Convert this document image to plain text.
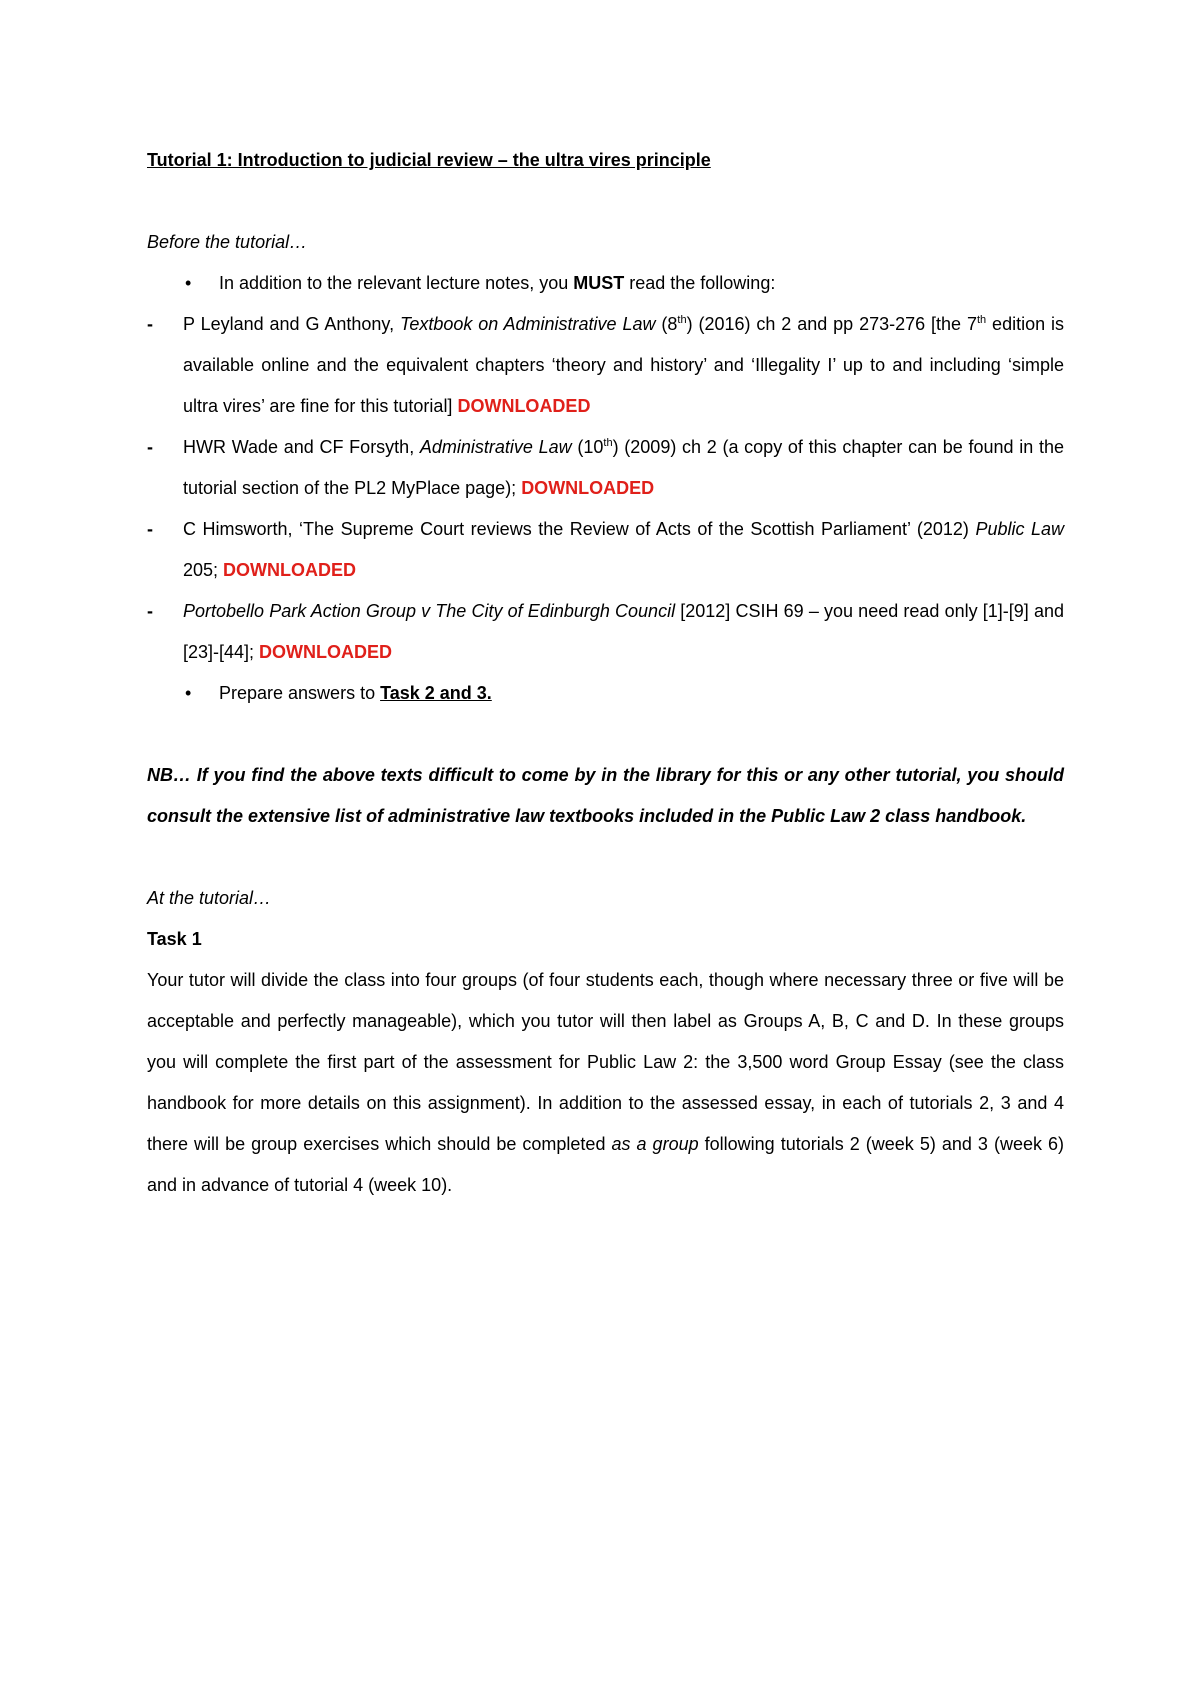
Tutorial 1: Introduction to judicial review – the ultra vires principle

Before the tutorial…

• In addition to the relevant lecture notes, you MUST read the following:
- P Leyland and G Anthony, Textbook on Administrative Law (8th) (2016) ch 2 and pp 273-276 [the 7th edition is available online and the equivalent chapters ‘theory and history’ and ‘Illegality I’ up to and including ‘simple ultra vires’ are fine for this tutorial] DOWNLOADED
- HWR Wade and CF Forsyth, Administrative Law (10th) (2009) ch 2 (a copy of this chapter can be found in the tutorial section of the PL2 MyPlace page); DOWNLOADED
- C Himsworth, ‘The Supreme Court reviews the Review of Acts of the Scottish Parliament’ (2012) Public Law 205; DOWNLOADED
- Portobello Park Action Group v The City of Edinburgh Council [2012] CSIH 69 – you need read only [1]-[9] and [23]-[44]; DOWNLOADED
• Prepare answers to Task 2 and 3.

NB… If you find the above texts difficult to come by in the library for this or any other tutorial, you should consult the extensive list of administrative law textbooks included in the Public Law 2 class handbook.

At the tutorial…

Task 1

Your tutor will divide the class into four groups (of four students each, though where necessary three or five will be acceptable and perfectly manageable), which you tutor will then label as Groups A, B, C and D. In these groups you will complete the first part of the assessment for Public Law 2: the 3,500 word Group Essay (see the class handbook for more details on this assignment). In addition to the assessed essay, in each of tutorials 2, 3 and 4 there will be group exercises which should be completed as a group following tutorials 2 (week 5) and 3 (week 6) and in advance of tutorial 4 (week 10).
